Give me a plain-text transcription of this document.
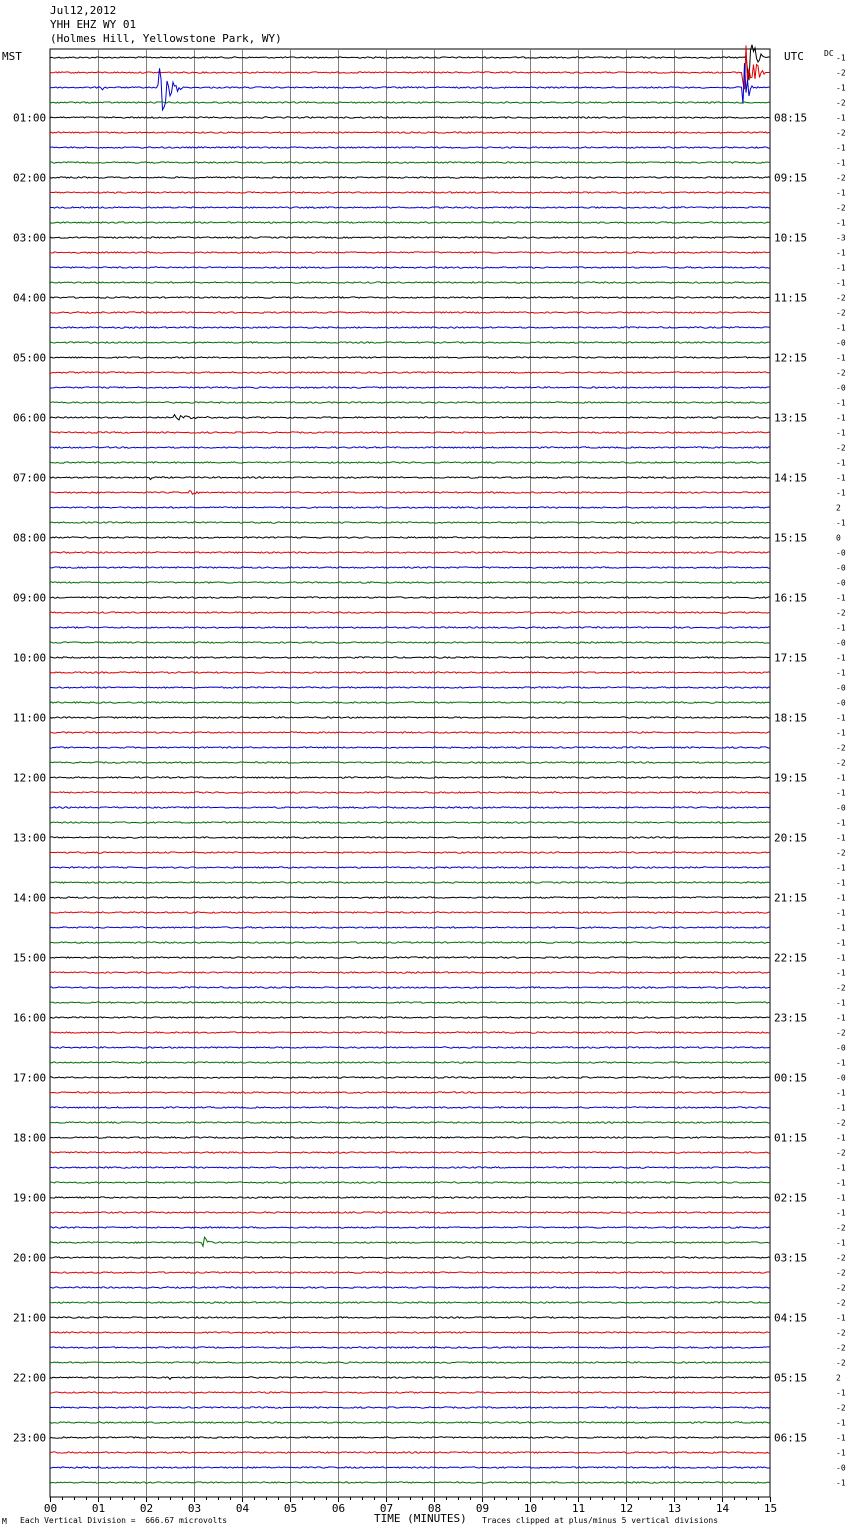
Jul12,2012
YHH EHZ WY 01
(Holmes Hill, Yellowstone Park, WY)
MST	UTC	DC
00	01	02	03	04	05	06	07	08	09	10	11	12	13	14	15
-1
-2
-1
-2
-1
-2
-1
-1
-2
-1
-2
-1
-3
-1
-1
-1
-2
-2
-1
-0
-1
-2
-0
-1
-1
-1
-2
-1
-1
-1
2
-1
0
-0
-0
-0
-1
-2
-1
-0
-1
-1
-0
-0
-1
-1
-2
-2
-1
-1
-0
-1
-1
-2
-1
-1
-1
-1
-1
-1
-1
-1
-2
-1
-1
-2
-0
-1
-0
-1
-1
-2
-1
-2
-1
-1
-1
-1
-2
-1
-2
-2
-2
-2
-1
-2
-2
-2
2
-1
-2
-1
-1
-1
-0
-1
01:00
02:00
03:00
04:00
05:00
06:00
07:00
08:00
09:00
10:00
11:00
12:00
13:00
14:00
15:00
16:00
17:00
18:00
19:00
20:00
21:00
22:00
23:00
08:15
09:15
10:15
11:15
12:15
13:15
14:15
15:15
16:15
17:15
18:15
19:15
20:15
21:15
22:15
23:15
00:15
01:15
02:15
03:15
04:15
05:15
06:15
M Each Vertical Division =  666.67 microvolts	TIME (MINUTES) Traces clipped at plus/minus 5 vertical divisions
